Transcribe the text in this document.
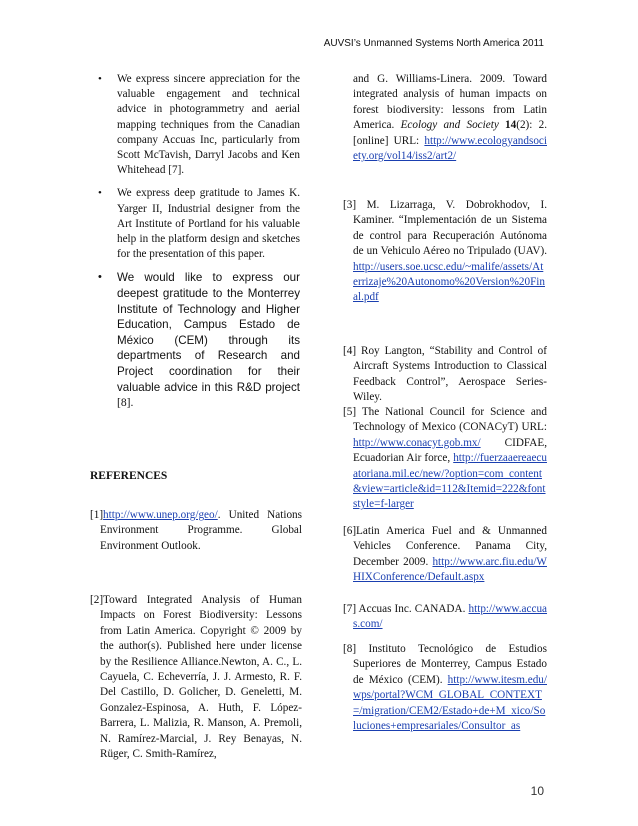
AUVSI’s Unmanned Systems North America 2011
• We express sincere appreciation for the valuable engagement and technical advice in photogrammetry and aerial mapping techniques from the Canadian company Accuas Inc, particularly from Scott McTavish, Darryl Jacobs and Ken Whitehead [7].
• We express deep gratitude to James K. Yarger II, Industrial designer from the Art Institute of Portland for his valuable help in the platform design and sketches for the presentation of this paper.
• We would like to express our deepest gratitude to the Monterrey Institute of Technology and Higher Education, Campus Estado de México (CEM) through its departments of Research and Project coordination for their valuable advice in this R&D project [8].
REFERENCES
[1]http://www.unep.org/geo/. United Nations Environment Programme. Global Environment Outlook.
[2]Toward Integrated Analysis of Human Impacts on Forest Biodiversity: Lessons from Latin America. Copyright © 2009 by the author(s). Published here under license by the Resilience Alliance.Newton, A. C., L. Cayuela, C. Echeverría, J. J. Armesto, R. F. Del Castillo, D. Golicher, D. Geneletti, M. Gonzalez-Espinosa, A. Huth, F. López-Barrera, L. Malizia, R. Manson, A. Premoli, N. Ramírez-Marcial, J. Rey Benayas, N. Rüger, C. Smith-Ramírez,
and G. Williams-Linera. 2009. Toward integrated analysis of human impacts on forest biodiversity: lessons from Latin America. Ecology and Society 14(2): 2. [online] URL: http://www.ecologyandsociety.org/vol14/iss2/art2/
[3] M. Lizarraga, V. Dobrokhodov, I. Kaminer. “Implementación de un Sistema de control para Recuperación Autónoma de un Vehiculo Aéreo no Tripulado (UAV). http://users.soe.ucsc.edu/~malife/assets/Aterrizaje%20Autonomo%20Version%20Final.pdf
[4] Roy Langton, “Stability and Control of Aircraft Systems Introduction to Classical Feedback Control”, Aerospace Series-Wiley.
[5] The National Council for Science and Technology of Mexico (CONACyT) URL: http://www.conacyt.gob.mx/ CIDFAE, Ecuadorian Air force, http://fuerzaaereaecuatoriana.mil.ec/new/?option=com_content&view=article&id=112&Itemid=222&fontstyle=f-larger
[6]Latin America Fuel and & Unmanned Vehicles Conference. Panama City, December 2009. http://www.arc.fiu.edu/WHIXConference/Default.aspx
[7] Accuas Inc. CANADA. http://www.accuas.com/
[8] Instituto Tecnológico de Estudios Superiores de Monterrey, Campus Estado de México (CEM). http://www.itesm.edu/wps/portal?WCM_GLOBAL_CONTEXT=/migration/CEM2/Estado+de+M_xico/Soluciones+empresariales/Consultor_as
10
